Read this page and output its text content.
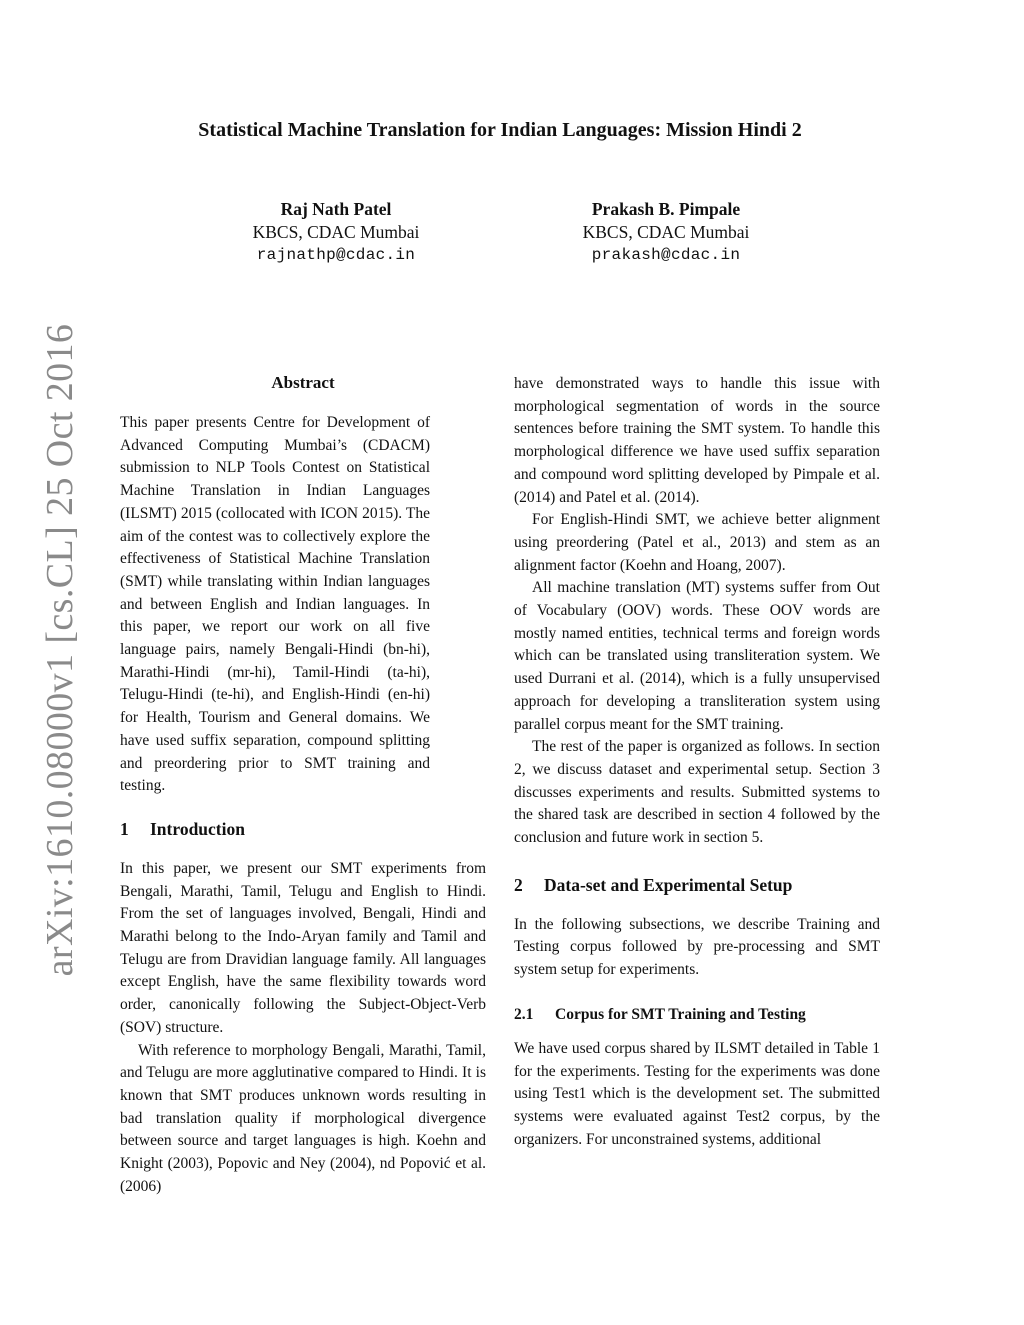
Statistical Machine Translation for Indian Languages: Mission Hindi 2
Raj Nath Patel
KBCS, CDAC Mumbai
rajnathp@cdac.in
Prakash B. Pimpale
KBCS, CDAC Mumbai
prakash@cdac.in
arXiv:1610.08000v1 [cs.CL] 25 Oct 2016	Abstract

This paper presents Centre for Development of Advanced Computing Mumbai’s (CDACM) submission to NLP Tools Contest on Statistical Machine Translation in Indian Languages (ILSMT) 2015 (collocated with ICON 2015). The aim of the contest was to collectively explore the effectiveness of Statistical Machine Translation (SMT) while translating within Indian languages and between English and Indian languages. In this paper, we report our work on all five language pairs, namely Bengali-Hindi (bn-hi), Marathi-Hindi (mr-hi), Tamil-Hindi (ta-hi), Telugu-Hindi (te-hi), and English-Hindi (en-hi) for Health, Tourism and General domains. We have used suffix separation, compound splitting and preordering prior to SMT training and testing.

1 Introduction

In this paper, we present our SMT experiments from Bengali, Marathi, Tamil, Telugu and English to Hindi. From the set of languages involved, Bengali, Hindi and Marathi belong to the Indo-Aryan family and Tamil and Telugu are from Dravidian language family. All languages except English, have the same flexibility towards word order, canonically following the Subject-Object-Verb (SOV) structure.

With reference to morphology Bengali, Marathi, Tamil, and Telugu are more agglutinative compared to Hindi. It is known that SMT produces unknown words resulting in bad translation quality if morphological divergence between source and target languages is high. Koehn and Knight (2003), Popovic and Ney (2004), nd Popović et al. (2006)

have demonstrated ways to handle this issue with morphological segmentation of words in the source sentences before training the SMT system. To handle this morphological difference we have used suffix separation and compound word splitting developed by Pimpale et al. (2014) and Patel et al. (2014).

For English-Hindi SMT, we achieve better alignment using preordering (Patel et al., 2013) and stem as an alignment factor (Koehn and Hoang, 2007).

All machine translation (MT) systems suffer from Out of Vocabulary (OOV) words. These OOV words are mostly named entities, technical terms and foreign words which can be translated using transliteration system. We used Durrani et al. (2014), which is a fully unsupervised approach for developing a transliteration system using parallel corpus meant for the SMT training.

The rest of the paper is organized as follows. In section 2, we discuss dataset and experimental setup. Section 3 discusses experiments and results. Submitted systems to the shared task are described in section 4 followed by the conclusion and future work in section 5.

2 Data-set and Experimental Setup

In the following subsections, we describe Training and Testing corpus followed by pre-processing and SMT system setup for experiments.

2.1 Corpus for SMT Training and Testing

We have used corpus shared by ILSMT detailed in Table 1 for the experiments. Testing for the experiments was done using Test1 which is the development set. The submitted systems were evaluated against Test2 corpus, by the organizers. For unconstrained systems, additional
